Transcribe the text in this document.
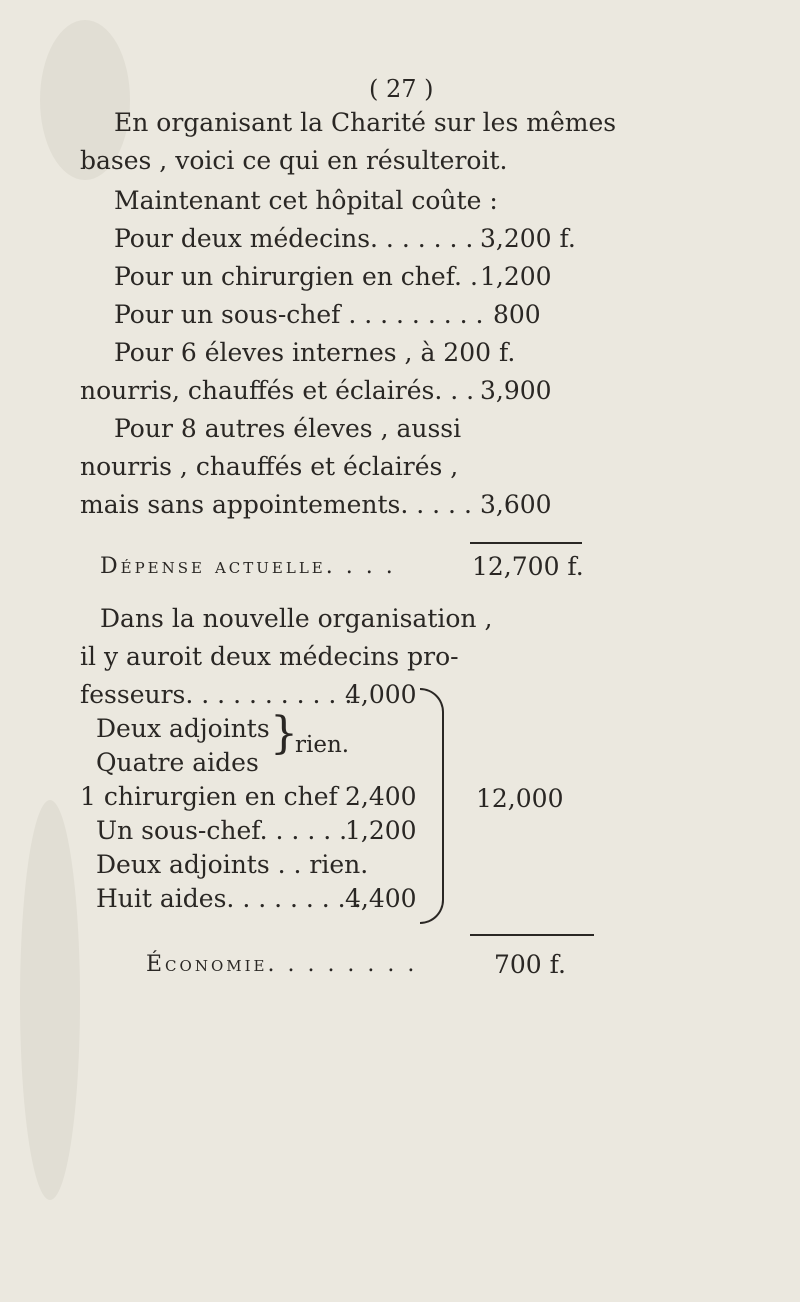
( 27 )
En organisant la Charité sur les mêmes
bases , voici ce qui en résulteroit.
Maintenant cet hôpital coûte :
Pour deux médecins. . . . . . . 3,200 f.
Pour un chirurgien en chef. . 1,200
Pour un sous-chef . . . . . . . . . 800
Pour 6 éleves internes , à 200 f.
nourris, chauffés et éclairés. . . 3,900
Pour 8 autres éleves , aussi
nourris , chauffés et éclairés ,
mais sans appointements. . . . . 3,600
Dépense actuelle. . . .	12,700 f.
Dans la nouvelle organisation ,
il y auroit deux médecins pro-
fesseurs. . . . . . . . . . .
4,000
Deux adjoints
Quatre aides
}
rien.
1 chirurgien en chef 2,400
Un sous-chef. . . . . .
1,200
Deux adjoints . . rien.
Huit aides. . . . . . . . .
4,400
12,000
Économie. . . . . . . .	700 f.
